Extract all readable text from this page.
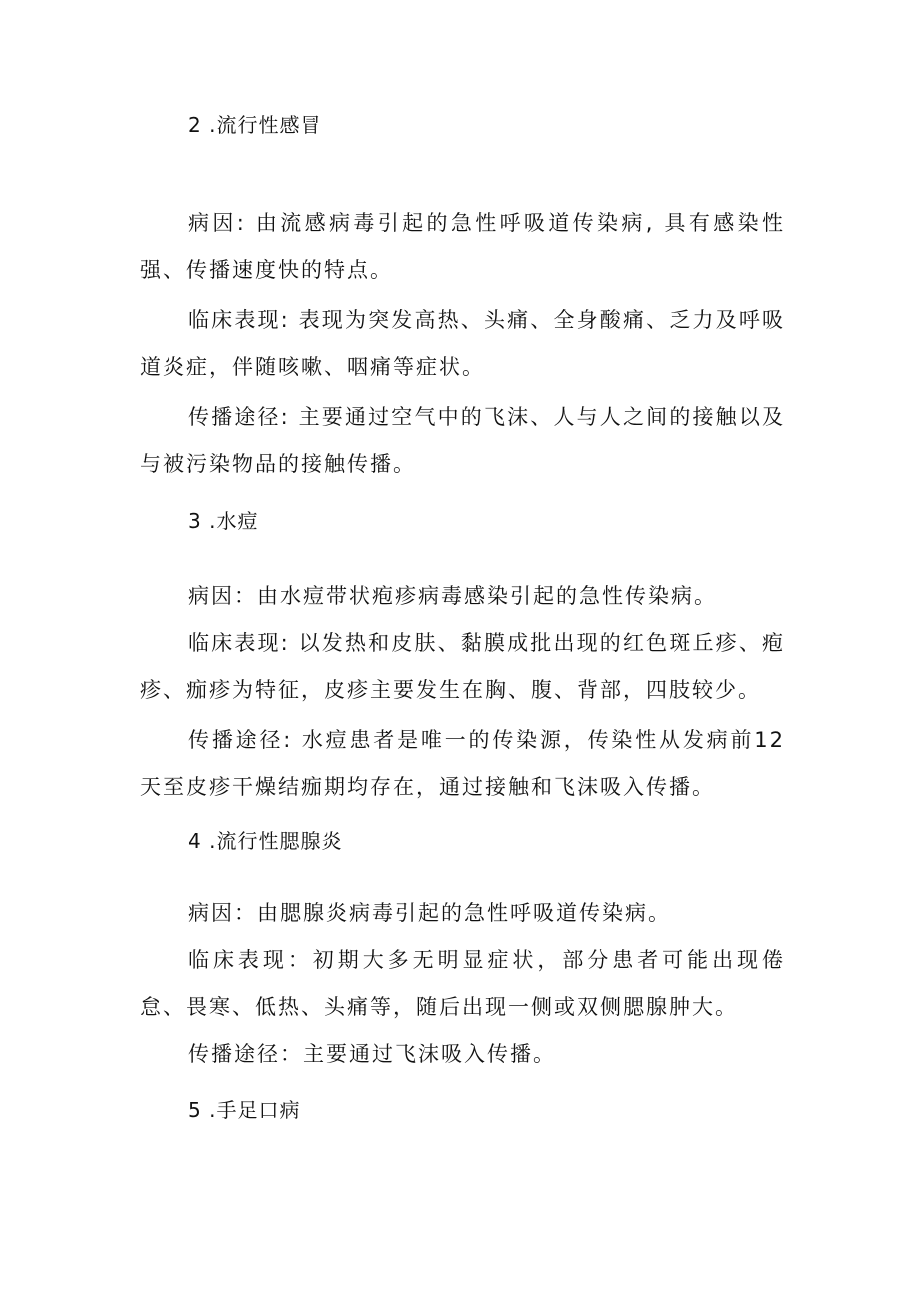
2 .流行性感冒
病因: 由流感病毒引起的急性呼吸道传染病, 具有感染性强、传播速度快的特点。
临床表现: 表现为突发高热、头痛、全身酸痛、乏力及呼吸道炎症，伴随咳嗽、咽痛等症状。
传播途径: 主要通过空气中的飞沫、人与人之间的接触以及与被污染物品的接触传播。
3 .水痘
病因：由水痘带状疱疹病毒感染引起的急性传染病。
临床表现: 以发热和皮肤、黏膜成批出现的红色斑丘疹、疱疹、痂疹为特征，皮疹主要发生在胸、腹、背部，四肢较少。
传播途径: 水痘患者是唯一的传染源，传染性从发病前12天至皮疹干燥结痂期均存在，通过接触和飞沫吸入传播。
4 .流行性腮腺炎
病因：由腮腺炎病毒引起的急性呼吸道传染病。
临床表现：初期大多无明显症状，部分患者可能出现倦怠、畏寒、低热、头痛等，随后出现一侧或双侧腮腺肿大。
传播途径：主要通过飞沫吸入传播。
5 .手足口病
